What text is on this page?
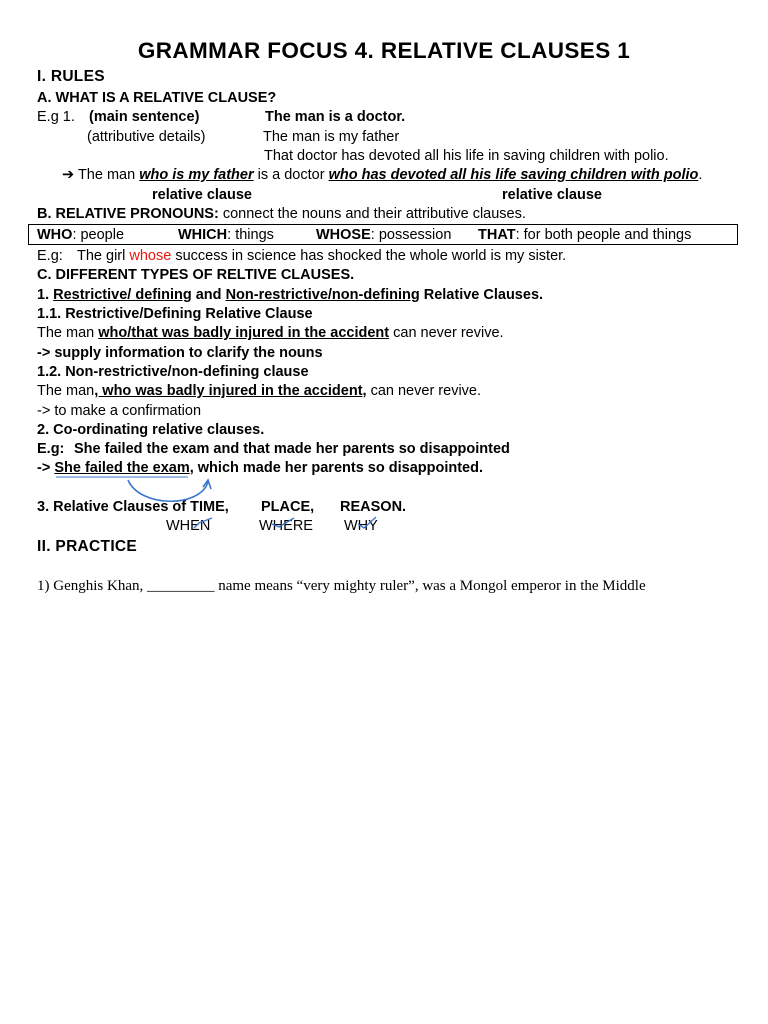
GRAMMAR FOCUS 4. RELATIVE CLAUSES 1
I. RULES
A. WHAT IS A RELATIVE CLAUSE?
E.g 1. (main sentence)	The man is a doctor.
(attributive details)	The man is my father
That doctor has devoted all his life in saving children with polio.
➔ The man who is my father is a doctor who has devoted all his life saving children with polio.
relative clause	relative clause
B. RELATIVE PRONOUNS: connect the nouns and their attributive clauses.
WHO: people	WHICH: things	WHOSE: possession THAT: for both people and things
E.g: The girl whose success in science has shocked the whole world is my sister.
C. DIFFERENT TYPES OF RELTIVE CLAUSES.
1. Restrictive/ defining and Non-restrictive/non-defining Relative Clauses.
1.1. Restrictive/Defining Relative Clause
The man who/that was badly injured in the accident can never revive.
-> supply information to clarify the nouns
1.2. Non-restrictive/non-defining clause
The man, who was badly injured in the accident, can never revive.
-> to make a confirmation
2. Co-ordinating relative clauses.
E.g: She failed the exam and that made her parents so disappointed
-> She failed the exam, which made her parents so disappointed.
3. Relative Clauses of TIME, PLACE, REASON.
WHEN	WHERE WHY
II. PRACTICE
1) Genghis Khan, _________ name means “very mighty ruler”, was a Mongol emperor in the Middle
